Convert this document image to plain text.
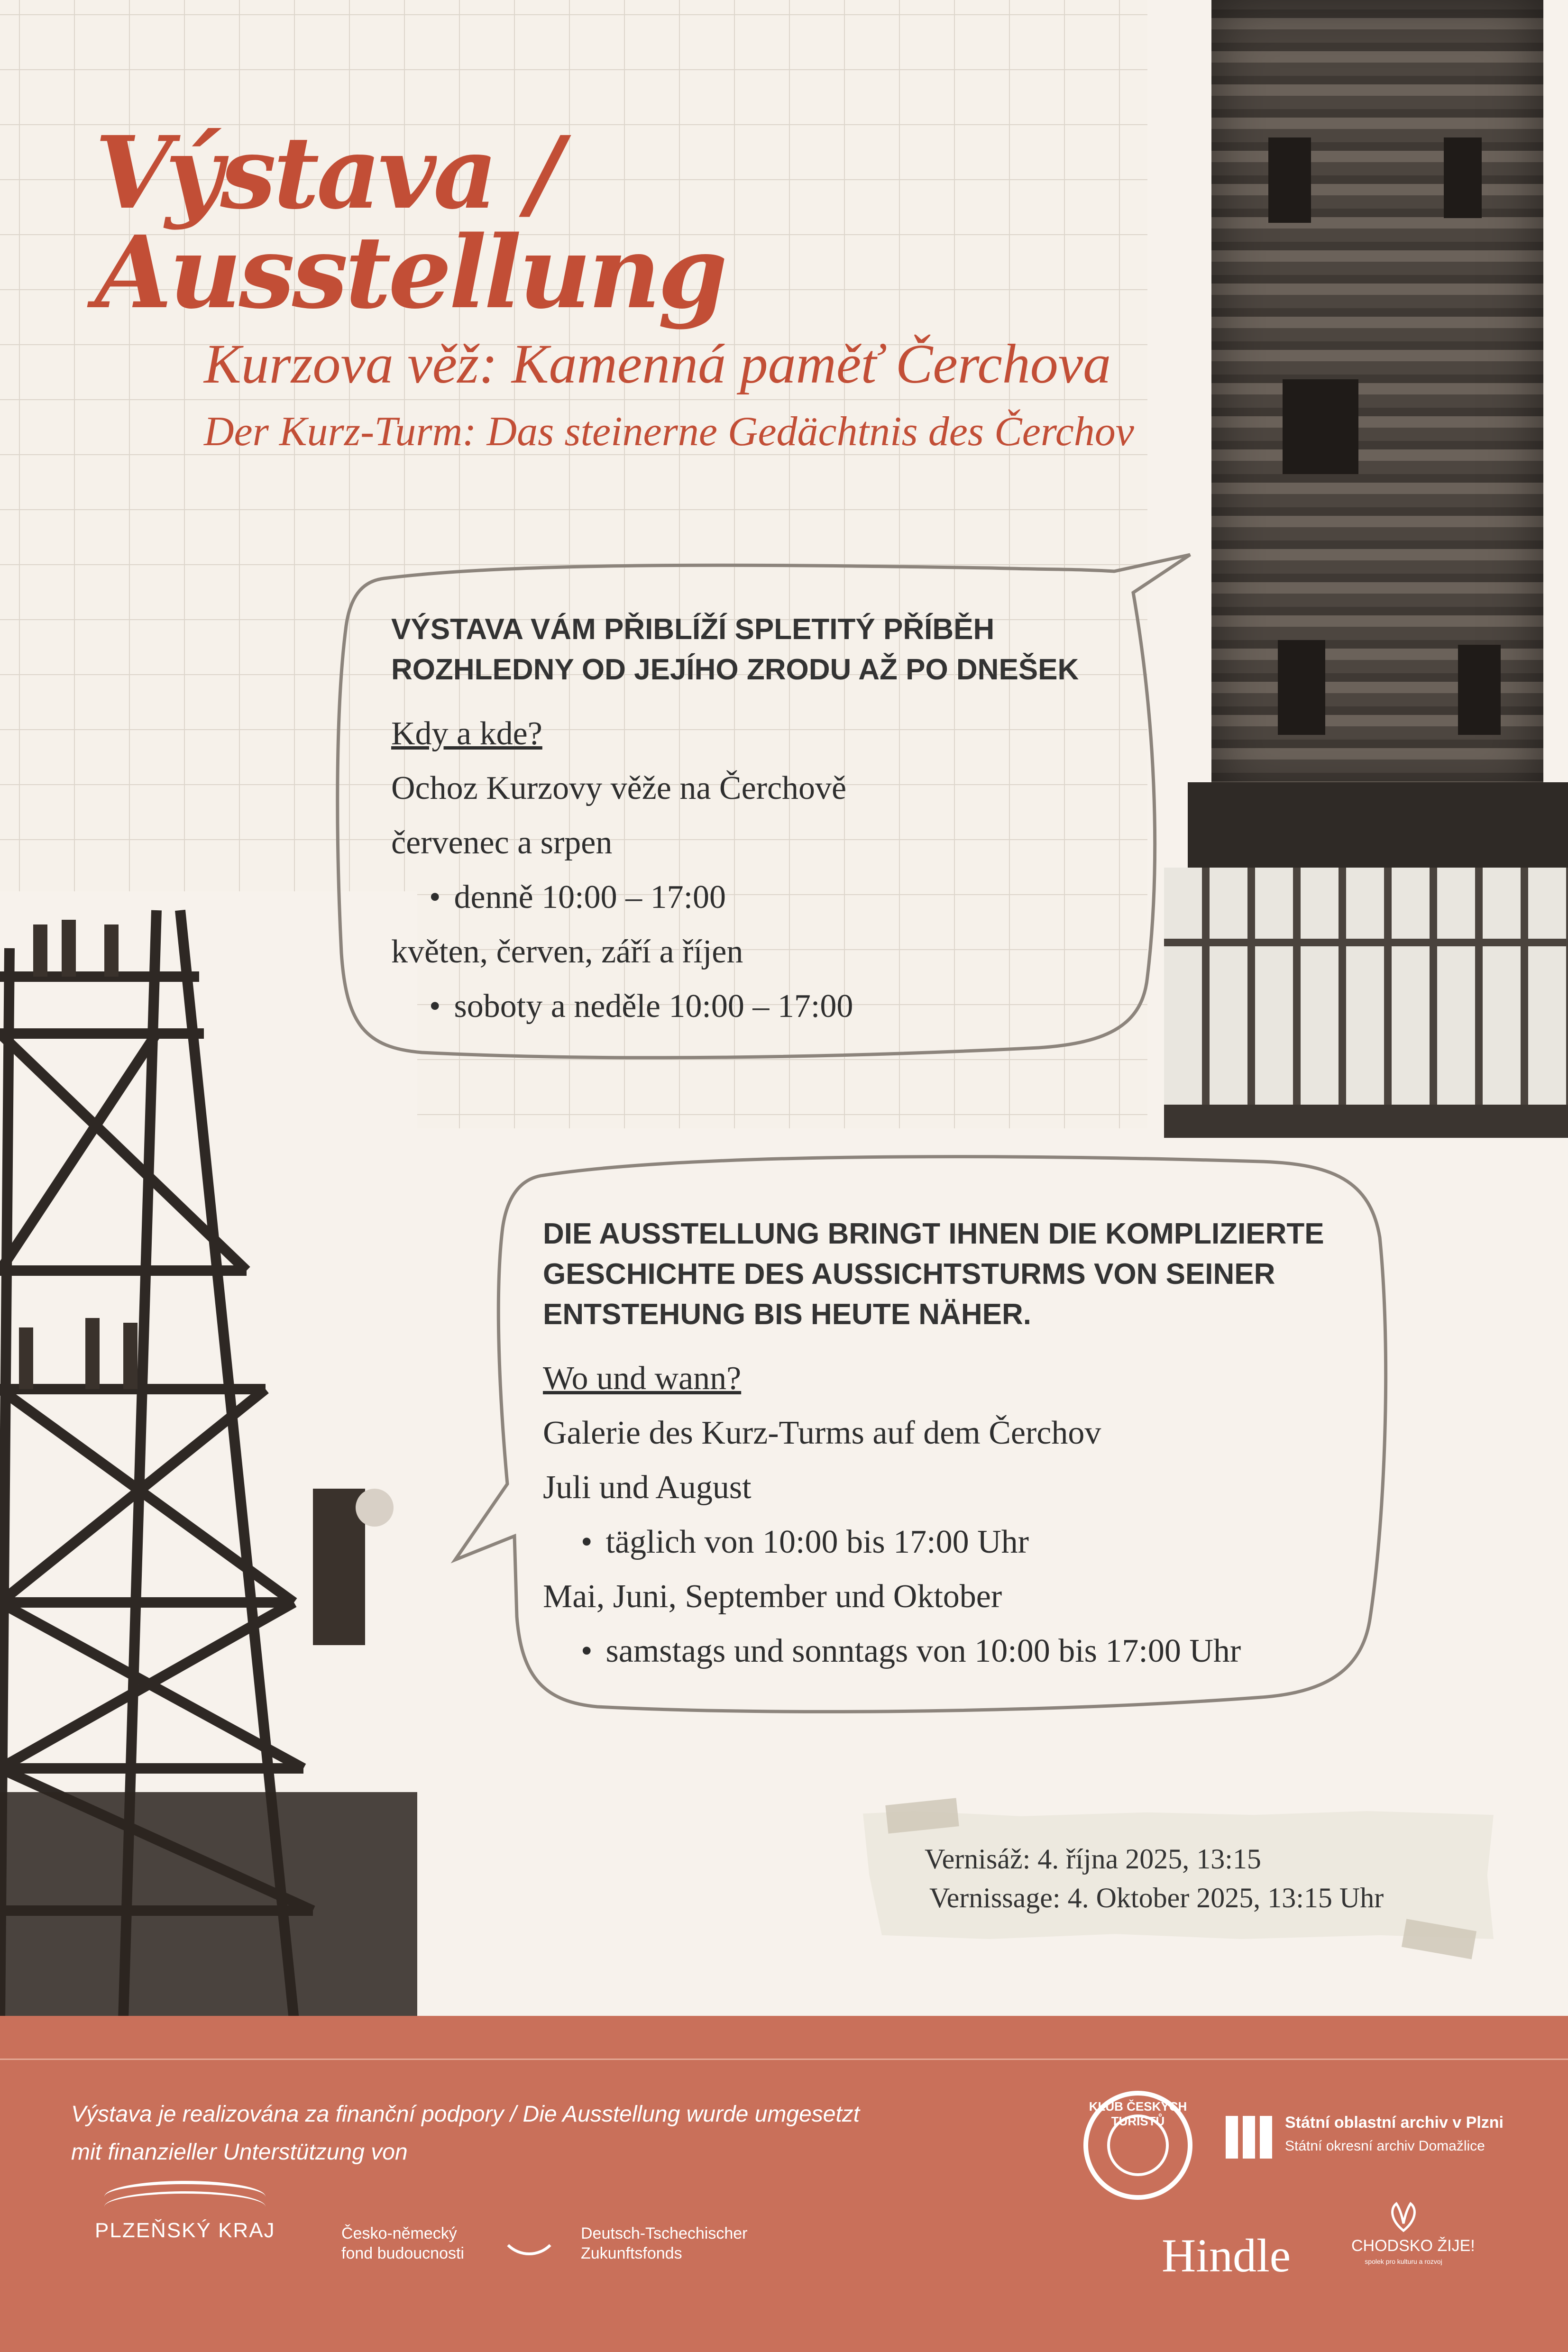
Výstava / Ausstellung
Kurzova věž: Kamenná paměť Čerchova
Der Kurz-Turm: Das steinerne Gedächtnis des Čerchov

VÝSTAVA VÁM PŘIBLÍŽÍ SPLETITÝ PŘÍBĚH

ROZHLEDNY OD JEJÍHO ZRODU AŽ PO DNEŠEK

Kdy a kde?

Ochoz Kurzovy věže na Čerchově

červenec a srpen

• denně 10:00 – 17:00

květen, červen, září a říjen

• soboty a neděle 10:00 – 17:00

DIE AUSSTELLUNG BRINGT IHNEN DIE KOMPLIZIERTE

GESCHICHTE DES AUSSICHTSTURMS VON SEINER

ENTSTEHUNG BIS HEUTE NÄHER.

Wo und wann?

Galerie des Kurz-Turms auf dem Čerchov

Juli und August

• täglich von 10:00 bis 17:00 Uhr

Mai, Juni, September und Oktober

• samstags und sonntags von 10:00 bis 17:00 Uhr

Vernisáž: 4. října 2025, 13:15
Vernissage: 4. Oktober 2025, 13:15 Uhr
Výstava je realizována za finanční podpory / Die Ausstellung wurde umgesetzt
mit finanzieller Unterstützung von
PLZEŇSKÝ KRAJ	Česko-německý
fond budoucnosti
Deutsch-Tschechischer
Zukunftsfonds
KLUB ČESKÝCH TURISTŮ	Státní oblastní archiv v Plzni
Státní okresní archiv Domažlice
Hindle	CHODSKO ŽIJE!
spolek pro kulturu a rozvoj
